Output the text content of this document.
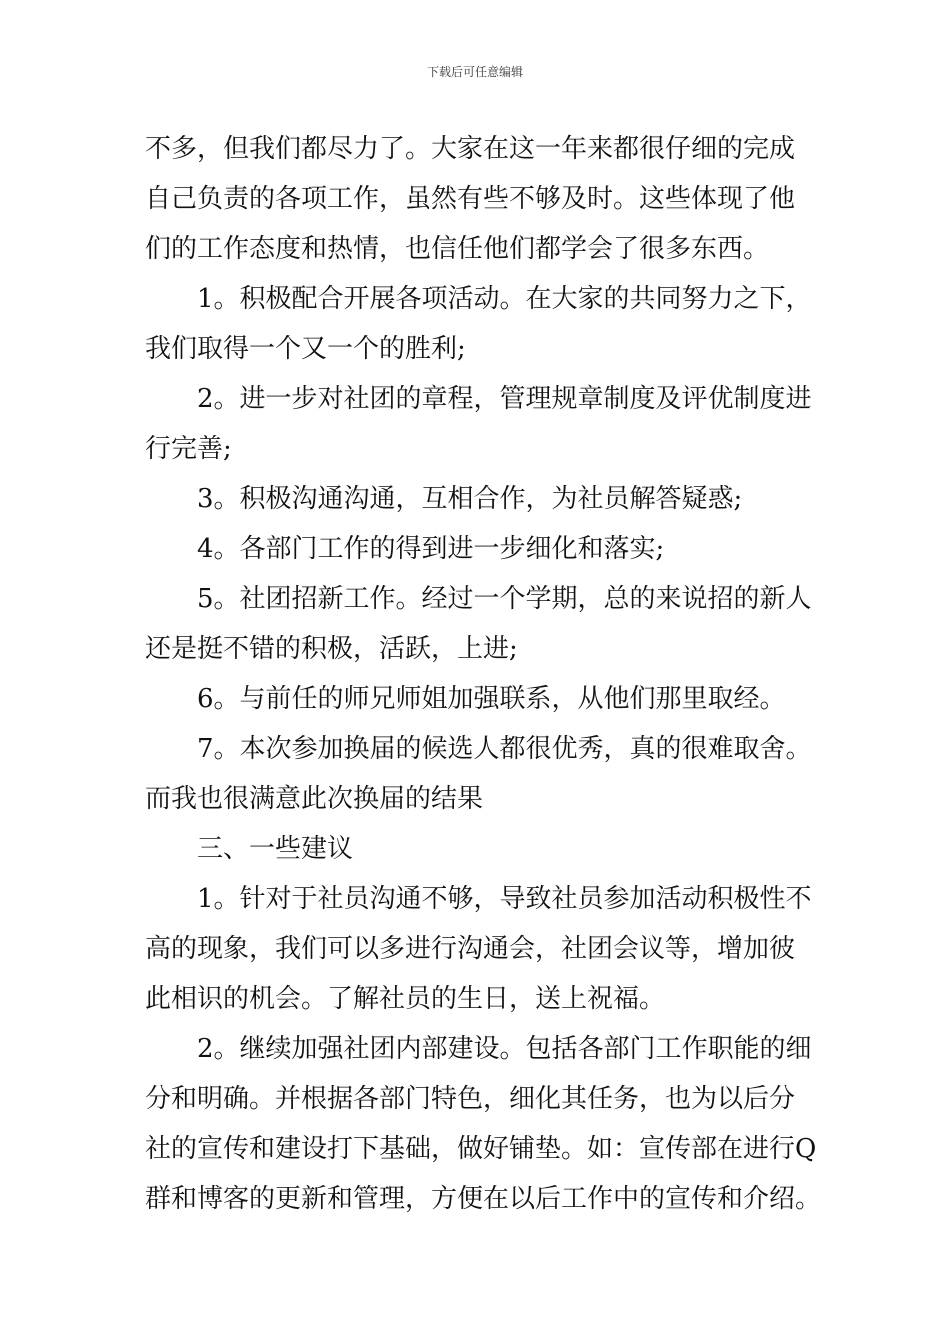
下载后可任意编辑
不多，但我们都尽力了。大家在这一年来都很仔细的完成
自己负责的各项工作，虽然有些不够及时。这些体现了他
们的工作态度和热情，也信任他们都学会了很多东西。
1。积极配合开展各项活动。在大家的共同努力之下，
我们取得一个又一个的胜利;
2。进一步对社团的章程，管理规章制度及评优制度进
行完善;
3。积极沟通沟通，互相合作，为社员解答疑惑;
4。各部门工作的得到进一步细化和落实;
5。社团招新工作。经过一个学期，总的来说招的新人
还是挺不错的积极，活跃，上进;
6。与前任的师兄师姐加强联系，从他们那里取经。
7。本次参加换届的候选人都很优秀，真的很难取舍。
而我也很满意此次换届的结果
三、一些建议
1。针对于社员沟通不够，导致社员参加活动积极性不
高的现象，我们可以多进行沟通会，社团会议等，增加彼
此相识的机会。了解社员的生日，送上祝福。
2。继续加强社团内部建设。包括各部门工作职能的细
分和明确。并根据各部门特色，细化其任务，也为以后分
社的宣传和建设打下基础，做好铺垫。如：宣传部在进行Q
群和博客的更新和管理，方便在以后工作中的宣传和介绍。
